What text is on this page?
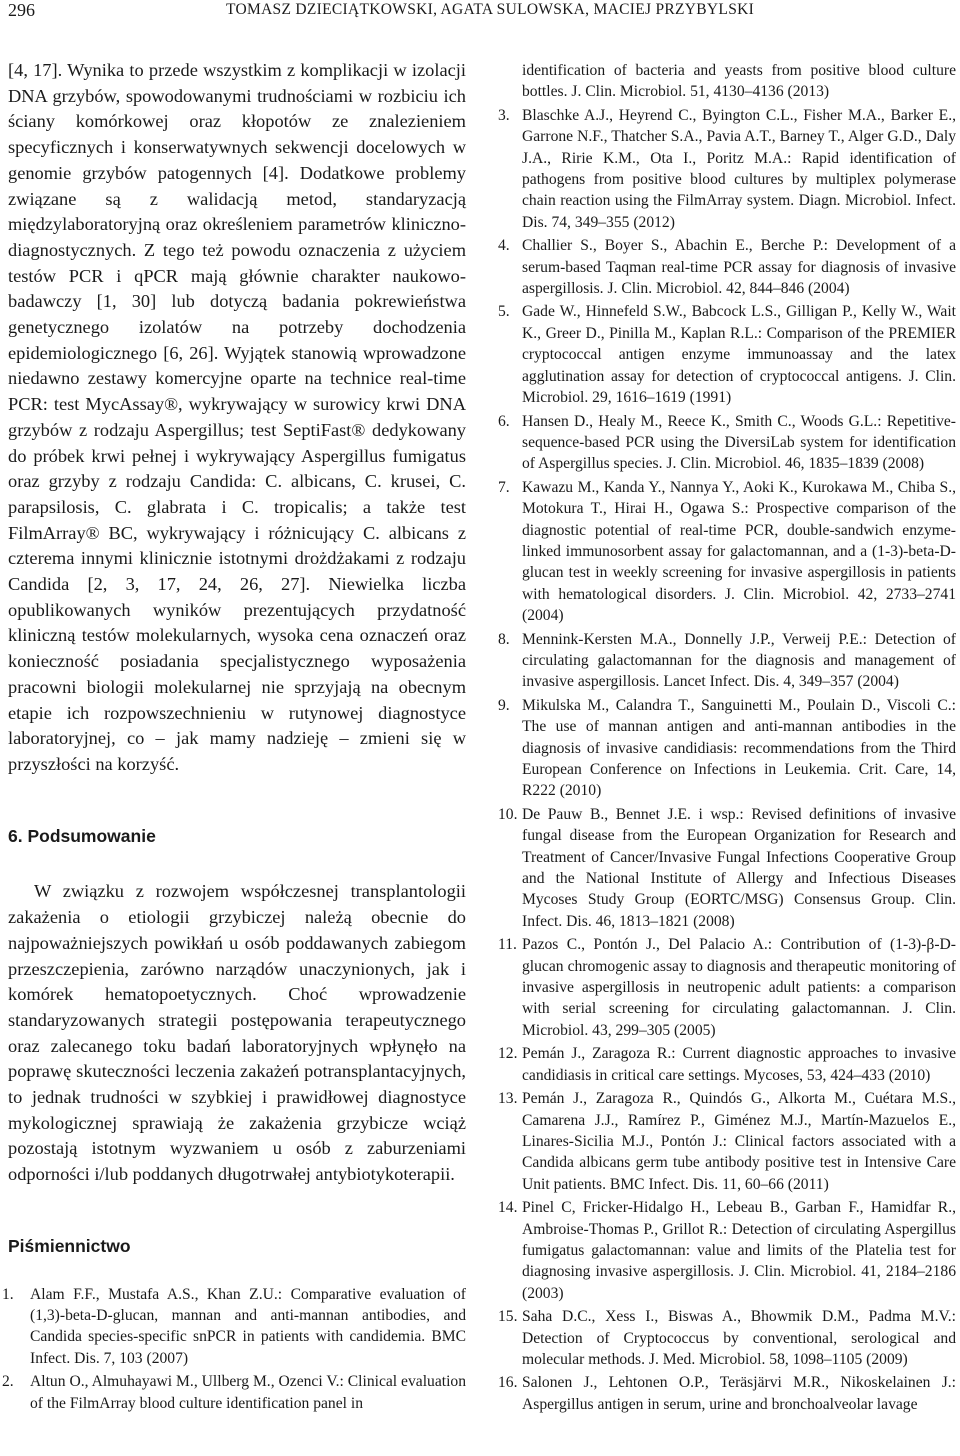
296	TOMASZ DZIECIĄTKOWSKI, AGATA SULOWSKA, MACIEJ PRZYBYLSKI

[4, 17]. Wynika to przede wszystkim z komplikacji w izolacji DNA grzybów, spowodowanymi trudnościami w rozbiciu ich ściany komórkowej oraz kłopotów ze znalezieniem specyficznych i konserwatywnych sekwencji docelowych w genomie grzybów patogennych [4]. Dodatkowe problemy związane są z walidacją metod, standaryzacją międzylaboratoryjną oraz określeniem parametrów kliniczno-diagnostycznych. Z tego też powodu oznaczenia z użyciem testów PCR i qPCR mają głównie charakter naukowo-badawczy [1, 30] lub dotyczą badania pokrewieństwa genetycznego izolatów na potrzeby dochodzenia epidemiologicznego [6, 26]. Wyjątek stanowią wprowadzone niedawno zestawy komercyjne oparte na technice real-time PCR: test MycAssay®, wykrywający w surowicy krwi DNA grzybów z rodzaju Aspergillus; test SeptiFast® dedykowany do próbek krwi pełnej i wykrywający Aspergillus fumigatus oraz grzyby z rodzaju Candida: C. albicans, C. krusei, C. parapsilosis, C. glabrata i C. tropicalis; a także test FilmArray® BC, wykrywający i różnicujący C. albicans z czterema innymi klinicznie istotnymi drożdżakami z rodzaju Candida [2, 3, 17, 24, 26, 27]. Niewielka liczba opublikowanych wyników prezentujących przydatność kliniczną testów molekularnych, wysoka cena oznaczeń oraz konieczność posiadania specjalistycznego wyposażenia pracowni biologii molekularnej nie sprzyjają na obecnym etapie ich rozpowszechnieniu w rutynowej diagnostyce laboratoryjnej, co – jak mamy nadzieję – zmieni się w przyszłości na korzyść.

6. Podsumowanie

W związku z rozwojem współczesnej transplantologii zakażenia o etiologii grzybiczej należą obecnie do najpoważniejszych powikłań u osób poddawanych zabiegom przeszczepienia, zarówno narządów unaczynionych, jak i komórek hematopoetycznych. Choć wprowadzenie standaryzowanych strategii postępowania terapeutycznego oraz zalecanego toku badań laboratoryjnych wpłynęło na poprawę skuteczności leczenia zakażeń potransplantacyjnych, to jednak trudności w szybkiej i prawidłowej diagnostyce mykologicznej sprawiają że zakażenia grzybicze wciąż pozostają istotnym wyzwaniem u osób z zaburzeniami odporności i/lub poddanych długotrwałej antybiotykoterapii.

Piśmiennictwo
1. Alam F.F., Mustafa A.S., Khan Z.U.: Comparative evaluation of (1,3)-beta-D-glucan, mannan and anti-mannan antibodies, and Candida species-specific snPCR in patients with candidemia. BMC Infect. Dis. 7, 103 (2007)
2. Altun O., Almuhayawi M., Ullberg M., Ozenci V.: Clinical evaluation of the FilmArray blood culture identification panel in
identification of bacteria and yeasts from positive blood culture bottles. J. Clin. Microbiol. 51, 4130–4136 (2013)
3. Blaschke A.J., Heyrend C., Byington C.L., Fisher M.A., Barker E., Garrone N.F., Thatcher S.A., Pavia A.T., Barney T., Alger G.D., Daly J.A., Ririe K.M., Ota I., Poritz M.A.: Rapid identification of pathogens from positive blood cultures by multiplex polymerase chain reaction using the FilmArray system. Diagn. Microbiol. Infect. Dis. 74, 349–355 (2012)
4. Challier S., Boyer S., Abachin E., Berche P.: Development of a serum-based Taqman real-time PCR assay for diagnosis of invasive aspergillosis. J. Clin. Microbiol. 42, 844–846 (2004)
5. Gade W., Hinnefeld S.W., Babcock L.S., Gilligan P., Kelly W., Wait K., Greer D., Pinilla M., Kaplan R.L.: Comparison of the PREMIER cryptococcal antigen enzyme immunoassay and the latex agglutination assay for detection of cryptococcal antigens. J. Clin. Microbiol. 29, 1616–1619 (1991)
6. Hansen D., Healy M., Reece K., Smith C., Woods G.L.: Repetitive-sequence-based PCR using the DiversiLab system for identification of Aspergillus species. J. Clin. Microbiol. 46, 1835–1839 (2008)
7. Kawazu M., Kanda Y., Nannya Y., Aoki K., Kurokawa M., Chiba S., Motokura T., Hirai H., Ogawa S.: Prospective comparison of the diagnostic potential of real-time PCR, double-sandwich enzyme-linked immunosorbent assay for galactomannan, and a (1-3)-beta-D-glucan test in weekly screening for invasive aspergillosis in patients with hematological disorders. J. Clin. Microbiol. 42, 2733–2741 (2004)
8. Mennink-Kersten M.A., Donnelly J.P., Verweij P.E.: Detection of circulating galactomannan for the diagnosis and management of invasive aspergillosis. Lancet Infect. Dis. 4, 349–357 (2004)
9. Mikulska M., Calandra T., Sanguinetti M., Poulain D., Viscoli C.: The use of mannan antigen and anti-mannan antibodies in the diagnosis of invasive candidiasis: recommendations from the Third European Conference on Infections in Leukemia. Crit. Care, 14, R222 (2010)
10. De Pauw B., Bennet J.E. i wsp.: Revised definitions of invasive fungal disease from the European Organization for Research and Treatment of Cancer/Invasive Fungal Infections Cooperative Group and the National Institute of Allergy and Infectious Diseases Mycoses Study Group (EORTC/MSG) Consensus Group. Clin. Infect. Dis. 46, 1813–1821 (2008)
11. Pazos C., Pontón J., Del Palacio A.: Contribution of (1-3)-β-D-glucan chromogenic assay to diagnosis and therapeutic monitoring of invasive aspergillosis in neutropenic adult patients: a comparison with serial screening for circulating galactomannan. J. Clin. Microbiol. 43, 299–305 (2005)
12. Pemán J., Zaragoza R.: Current diagnostic approaches to invasive candidiasis in critical care settings. Mycoses, 53, 424–433 (2010)
13. Pemán J., Zaragoza R., Quindós G., Alkorta M., Cuétara M.S., Camarena J.J., Ramírez P., Giménez M.J., Martín-Mazuelos E., Linares-Sicilia M.J., Pontón J.: Clinical factors associated with a Candida albicans germ tube antibody positive test in Intensive Care Unit patients. BMC Infect. Dis. 11, 60–66 (2011)
14. Pinel C, Fricker-Hidalgo H., Lebeau B., Garban F., Hamidfar R., Ambroise-Thomas P., Grillot R.: Detection of circulating Aspergillus fumigatus galactomannan: value and limits of the Platelia test for diagnosing invasive aspergillosis. J. Clin. Microbiol. 41, 2184–2186 (2003)
15. Saha D.C., Xess I., Biswas A., Bhowmik D.M., Padma M.V.: Detection of Cryptococcus by conventional, serological and molecular methods. J. Med. Microbiol. 58, 1098–1105 (2009)
16. Salonen J., Lehtonen O.P., Teräsjärvi M.R., Nikoskelainen J.: Aspergillus antigen in serum, urine and bronchoalveolar lavage
